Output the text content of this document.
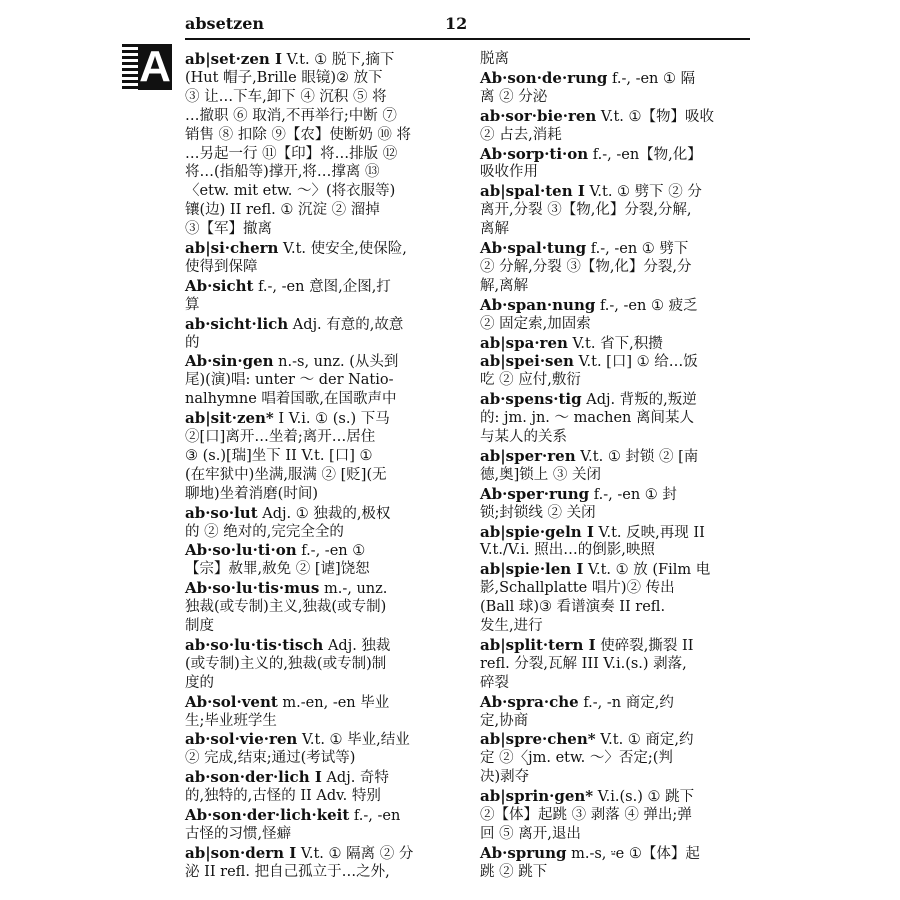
absetzen	12
A ab|set·zen I V.t. ① 脱下,摘下
(Hut 帽子,Brille 眼镜)② 放下
③ 让…下车,卸下 ④ 沉积 ⑤ 将
…撤职 ⑥ 取消,不再举行;中断 ⑦
销售 ⑧ 扣除 ⑨【农】使断奶 ⑩ 将
…另起一行 ⑪【印】将…排版 ⑫
将…(指船等)撑开,将…撑离 ⑬
〈etw. mit etw. ～〉(将衣服等)
镶(边) II refl. ① 沉淀 ② 溜掉
③【军】撤离
ab|si·chern V.t. 使安全,使保险,
使得到保障
Ab·sicht f.-, -en 意图,企图,打
算
ab·sicht·lich Adj. 有意的,故意
的
Ab·sin·gen n.-s, unz. (从头到
尾)(演)唱: unter ～ der Natio-
nalhymne 唱着国歌,在国歌声中
ab|sit·zen* I V.i. ① (s.) 下马
②[口]离开…坐着;离开…居住
③ (s.)[瑞]坐下 II V.t. [口] ①
(在牢狱中)坐满,服满 ② [贬](无
聊地)坐着消磨(时间)
ab·so·lut Adj. ① 独裁的,极权
的 ② 绝对的,完完全全的
Ab·so·lu·ti·on f.-, -en ①
【宗】赦罪,赦免 ② [谑]饶恕
Ab·so·lu·tis·mus m.-, unz.
独裁(或专制)主义,独裁(或专制)
制度
ab·so·lu·tis·tisch Adj. 独裁
(或专制)主义的,独裁(或专制)制
度的
Ab·sol·vent m.-en, -en 毕业
生;毕业班学生
ab·sol·vie·ren V.t. ① 毕业,结业
② 完成,结束;通过(考试等)
ab·son·der·lich I Adj. 奇特
的,独特的,古怪的 II Adv. 特别
Ab·son·der·lich·keit f.-, -en
古怪的习惯,怪癖
ab|son·dern I V.t. ① 隔离 ② 分
泌 II refl. 把自己孤立于…之外,
脱离
Ab·son·de·rung f.-, -en ① 隔
离 ② 分泌
ab·sor·bie·ren V.t. ①【物】吸收
② 占去,消耗
Ab·sorp·ti·on f.-, -en【物,化】
吸收作用
ab|spal·ten I V.t. ① 劈下 ② 分
离开,分裂 ③【物,化】分裂,分解,
离解
Ab·spal·tung f.-, -en ① 劈下
② 分解,分裂 ③【物,化】分裂,分
解,离解
Ab·span·nung f.-, -en ① 疲乏
② 固定索,加固索
ab|spa·ren V.t. 省下,积攒
ab|spei·sen V.t. [口] ① 给…饭
吃 ② 应付,敷衍
ab·spens·tig Adj. 背叛的,叛逆
的: jm. jn. ～ machen 离间某人
与某人的关系
ab|sper·ren V.t. ① 封锁 ② [南
德,奥]锁上 ③ 关闭
Ab·sper·rung f.-, -en ① 封
锁;封锁线 ② 关闭
ab|spie·geln I V.t. 反映,再现 II
V.t./V.i. 照出…的倒影,映照
ab|spie·len I V.t. ① 放 (Film 电
影,Schallplatte 唱片)② 传出
(Ball 球)③ 看谱演奏 II refl.
发生,进行
ab|split·tern I 使碎裂,撕裂 II
refl. 分裂,瓦解 III V.i.(s.) 剥落,
碎裂
Ab·spra·che f.-, -n 商定,约
定,协商
ab|spre·chen* V.t. ① 商定,约
定 ②〈jm. etw. ～〉否定;(判
决)剥夺
ab|sprin·gen* V.i.(s.) ① 跳下
②【体】起跳 ③ 剥落 ④ 弹出;弹
回 ⑤ 离开,退出
Ab·sprung m.-s, ⸚e ①【体】起
跳 ② 跳下
